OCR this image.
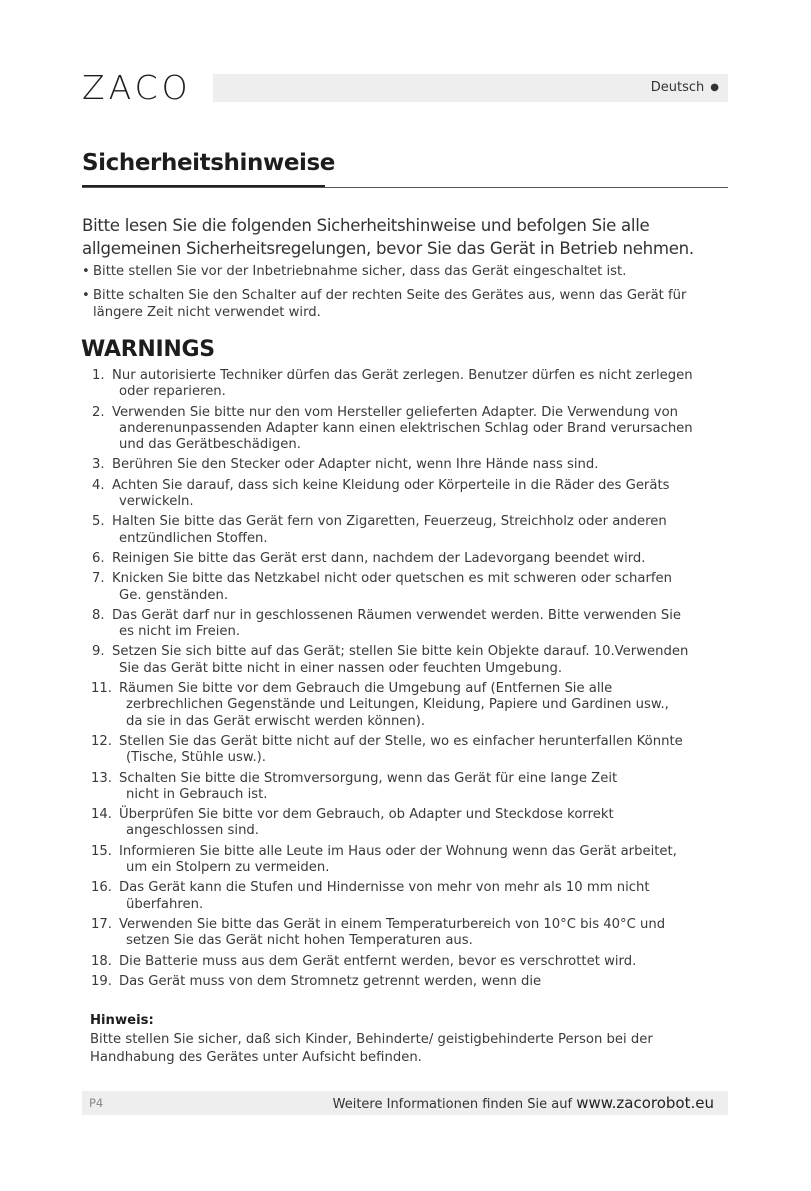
ZACO	Deutsch ●
Sicherheitshinweise

Bitte lesen Sie die folgenden Sicherheitshinweise und befolgen Sie alle

allgemeinen Sicherheitsregelungen, bevor Sie das Gerät in Betrieb nehmen.

• Bitte stellen Sie vor der Inbetriebnahme sicher, dass das Gerät eingeschaltet ist.
• Bitte schalten Sie den Schalter auf der rechten Seite des Gerätes aus, wenn das Gerät für
längere Zeit nicht verwendet wird.
WARNINGS
1. Nur autorisierte Techniker dürfen das Gerät zerlegen. Benutzer dürfen es nicht zerlegen
oder reparieren.
2. Verwenden Sie bitte nur den vom Hersteller gelieferten Adapter. Die Verwendung von
anderenunpassenden Adapter kann einen elektrischen Schlag oder Brand verursachen
und das Gerätbeschädigen.
3. Berühren Sie den Stecker oder Adapter nicht, wenn Ihre Hände nass sind.
4. Achten Sie darauf, dass sich keine Kleidung oder Körperteile in die Räder des Geräts
verwickeln.
5. Halten Sie bitte das Gerät fern von Zigaretten, Feuerzeug, Streichholz oder anderen
entzündlichen Stoffen.
6. Reinigen Sie bitte das Gerät erst dann, nachdem der Ladevorgang beendet wird.
7. Knicken Sie bitte das Netzkabel nicht oder quetschen es mit schweren oder scharfen
Ge. genständen.
8. Das Gerät darf nur in geschlossenen Räumen verwendet werden. Bitte verwenden Sie
es nicht im Freien.
9. Setzen Sie sich bitte auf das Gerät; stellen Sie bitte kein Objekte darauf. 10.Verwenden
Sie das Gerät bitte nicht in einer nassen oder feuchten Umgebung.
11. Räumen Sie bitte vor dem Gebrauch die Umgebung auf (Entfernen Sie alle
zerbrechlichen Gegenstände und Leitungen, Kleidung, Papiere und Gardinen usw.,
da sie in das Gerät erwischt werden können).
12. Stellen Sie das Gerät bitte nicht auf der Stelle, wo es einfacher herunterfallen Könnte
(Tische, Stühle usw.).
13. Schalten Sie bitte die Stromversorgung, wenn das Gerät für eine lange Zeit
nicht in Gebrauch ist.
14. Überprüfen Sie bitte vor dem Gebrauch, ob Adapter und Steckdose korrekt
angeschlossen sind.
15. Informieren Sie bitte alle Leute im Haus oder der Wohnung wenn das Gerät arbeitet,
um ein Stolpern zu vermeiden.
16. Das Gerät kann die Stufen und Hindernisse von mehr von mehr als 10 mm nicht
überfahren.
17. Verwenden Sie bitte das Gerät in einem Temperaturbereich von 10°C bis 40°C und
setzen Sie das Gerät nicht hohen Temperaturen aus.
18. Die Batterie muss aus dem Gerät entfernt werden, bevor es verschrottet wird.
19. Das Gerät muss von dem Stromnetz getrennt werden, wenn die
Hinweis:
Bitte stellen Sie sicher, daß sich Kinder, Behinderte/ geistigbehinderte Person bei der
Handhabung des Gerätes unter Aufsicht befinden.
P4	Weitere Informationen finden Sie auf www.zacorobot.eu
